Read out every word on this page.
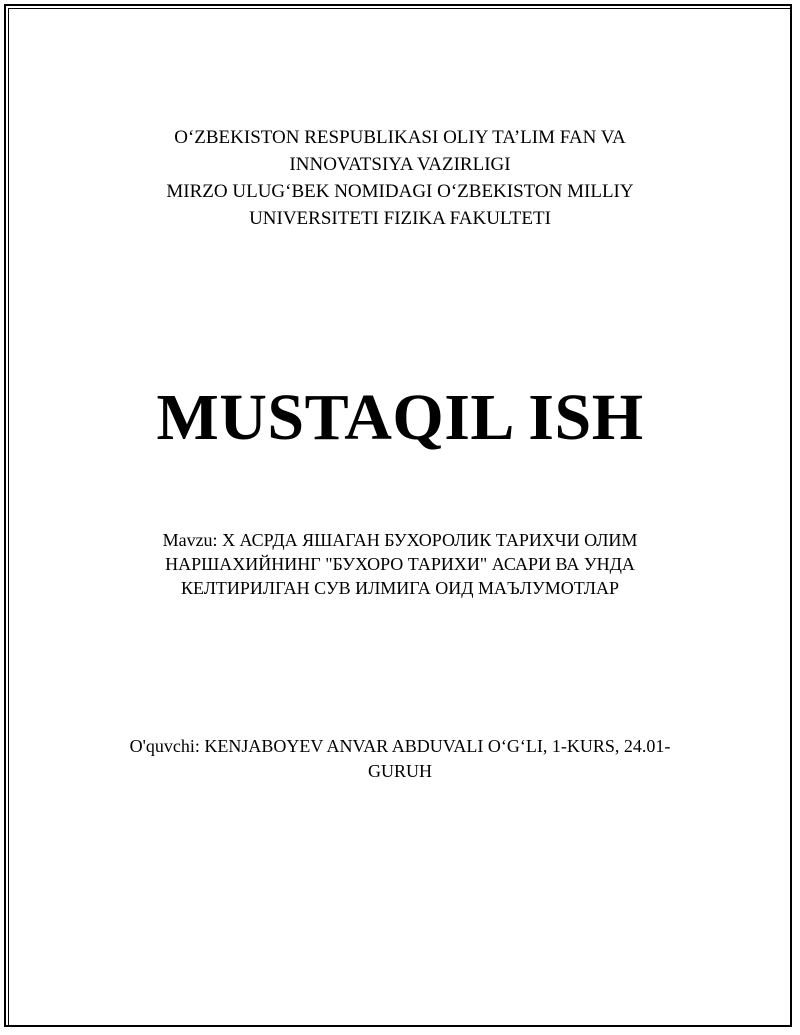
O‘ZBEKISTON RESPUBLIKASI OLIY TA’LIM FAN VA
INNOVATSIYA VAZIRLIGI
MIRZO ULUG‘BEK NOMIDAGI O‘ZBEKISTON MILLIY
UNIVERSITETI FIZIKA FAKULTETI
MUSTAQIL ISH
Mavzu: X АСРДА ЯШАГАН БУХОРОЛИК ТАРИХЧИ ОЛИМ
НАРШАХИЙНИНГ "БУХОРО ТАРИХИ" АСАРИ ВА УНДА
КЕЛТИРИЛГАН СУВ ИЛМИГА ОИД МАЪЛУМОТЛАР
O'quvchi: KENJABOYEV ANVAR ABDUVALI O‘G‘LI, 1-KURS, 24.01-
GURUH
